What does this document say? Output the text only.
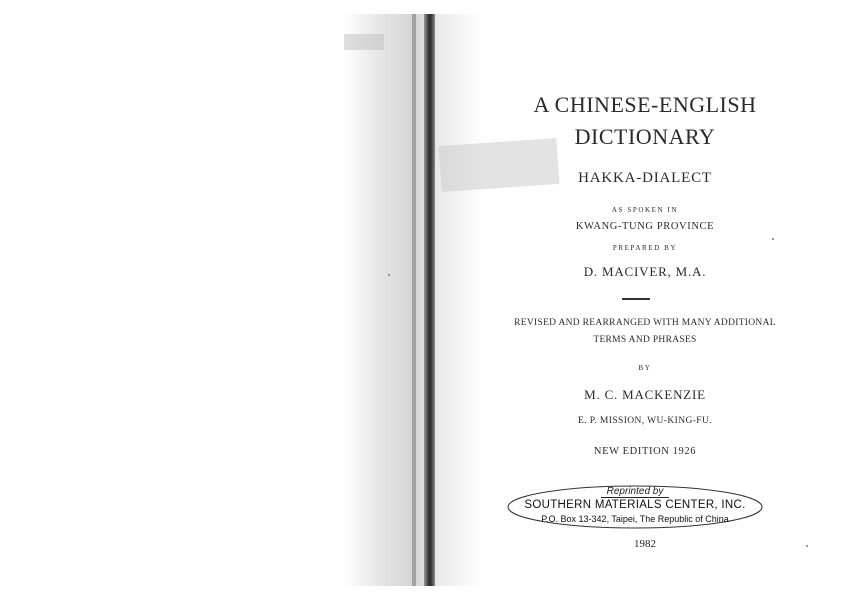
A CHINESE-ENGLISH
DICTIONARY
HAKKA-DIALECT
AS SPOKEN IN
KWANG-TUNG PROVINCE
PREPARED BY
D. MACIVER, M.A.
REVISED AND REARRANGED WITH MANY ADDITIONAL
TERMS AND PHRASES
BY
M. C. MACKENZIE
E. P. MISSION, WU-KING-FU.
NEW EDITION 1926
Reprinted by
SOUTHERN MATERIALS CENTER, INC.
P.O. Box 13-342, Taipei, The Republic of China
1982
